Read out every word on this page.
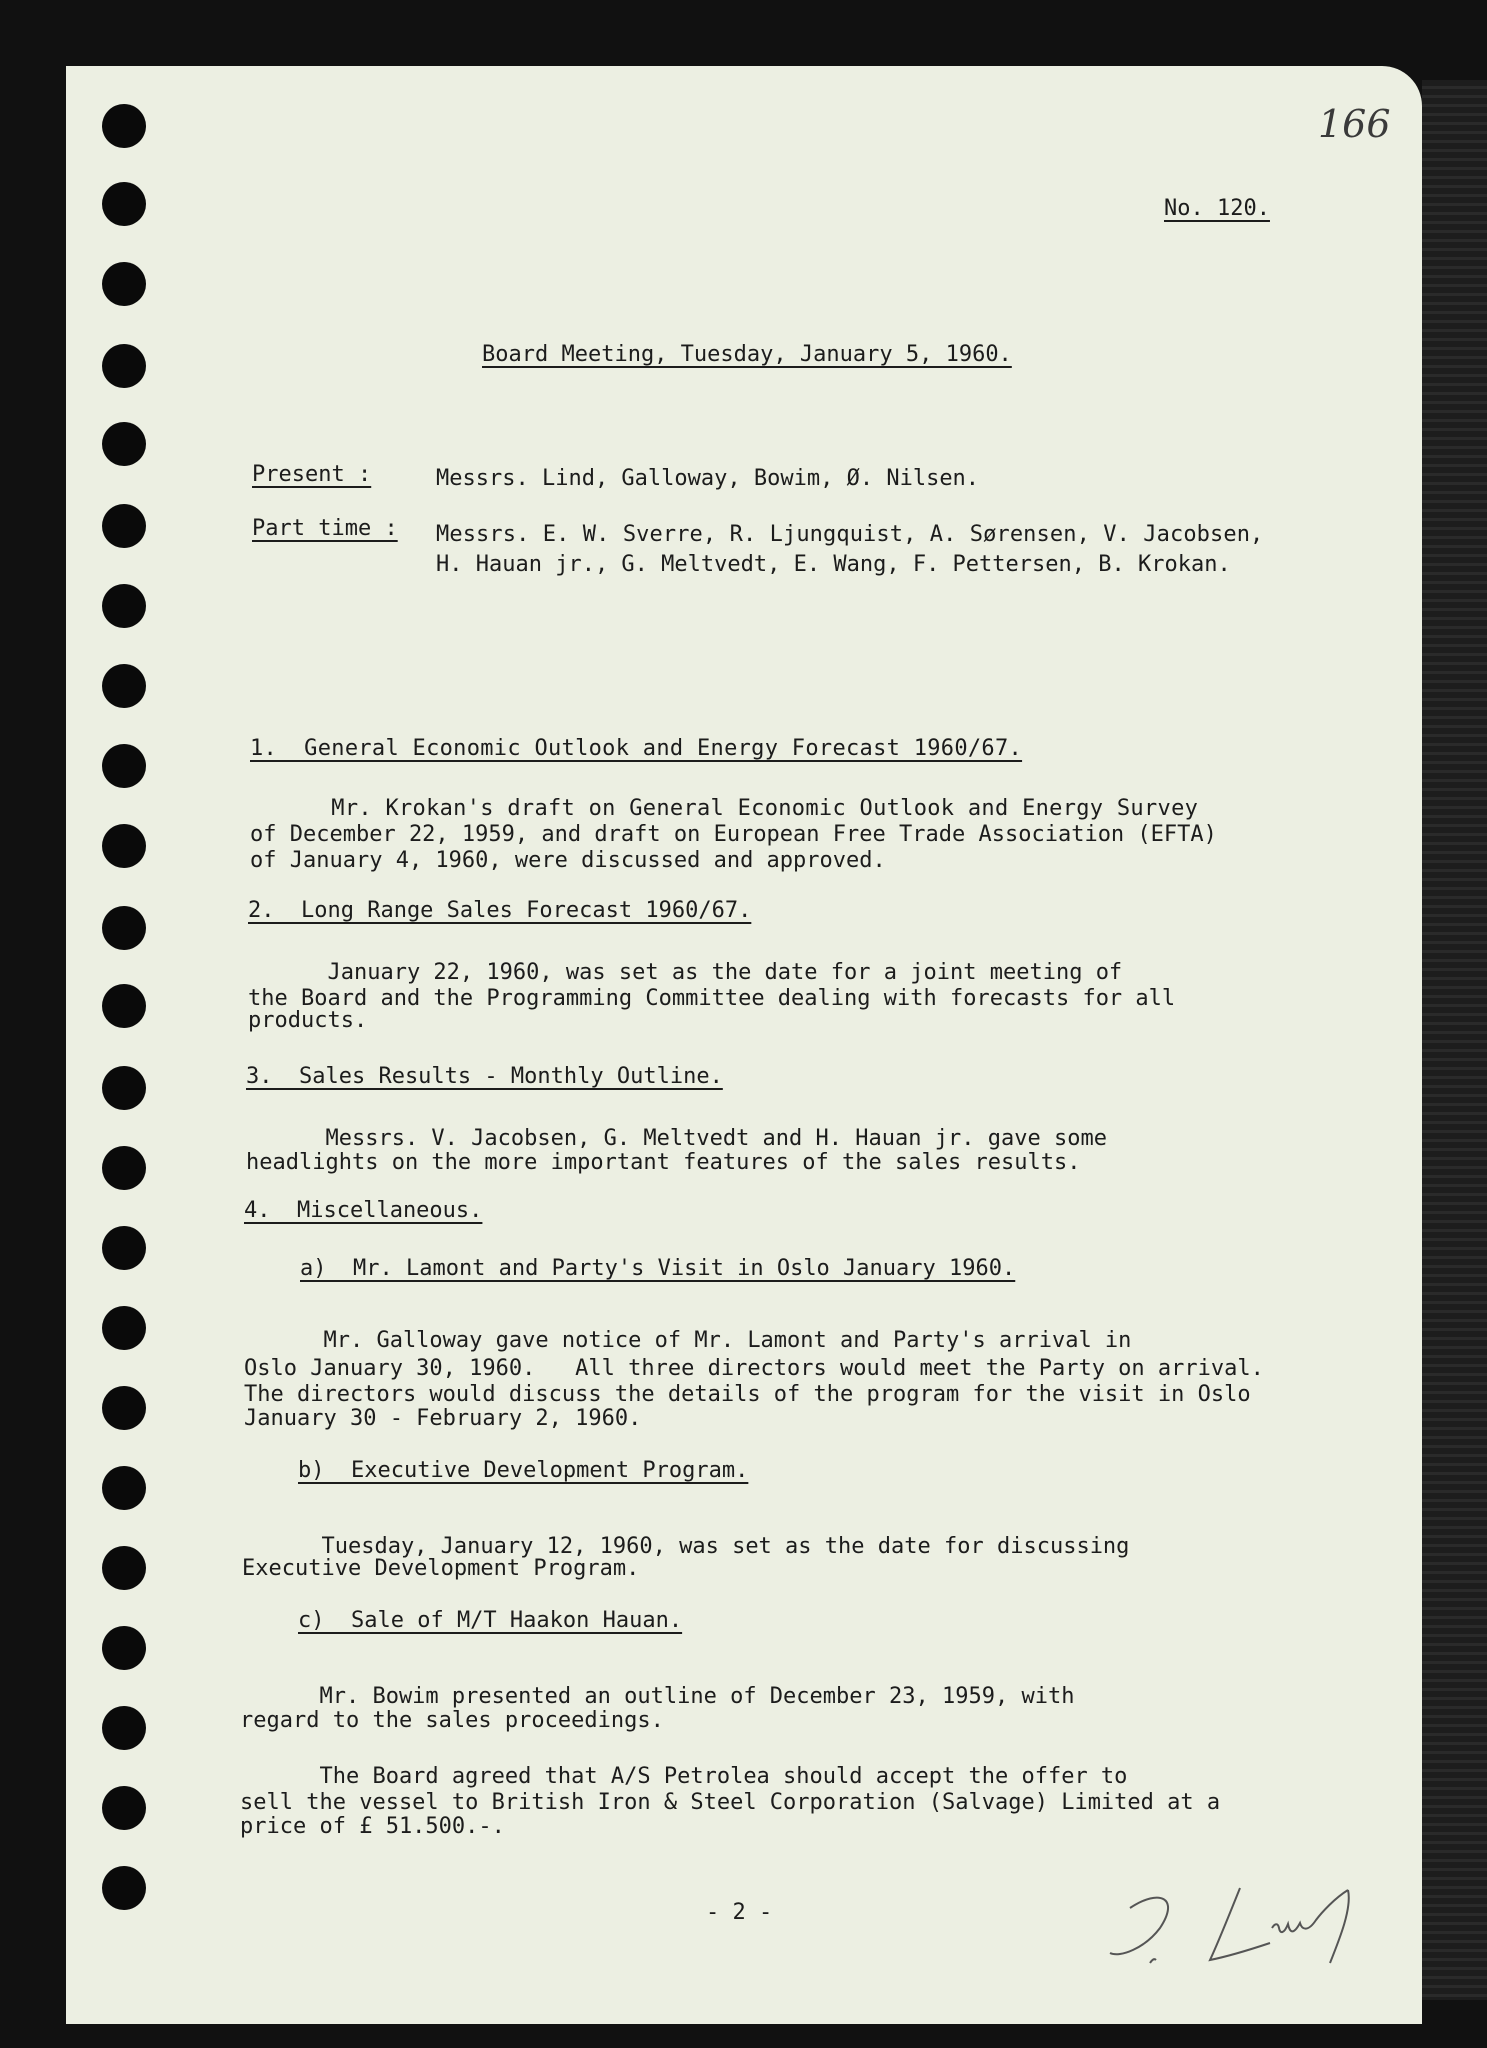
166
No. 120.
Board Meeting, Tuesday, January 5, 1960.
Present :	Messrs. Lind, Galloway, Bowim, Ø. Nilsen.
Part time : Messrs. E. W. Sverre, R. Ljungquist, A. Sørensen, V. Jacobsen,
H. Hauan jr., G. Meltvedt, E. Wang, F. Pettersen, B. Krokan.
1.  General Economic Outlook and Energy Forecast 1960/67.
Mr. Krokan's draft on General Economic Outlook and Energy Survey
of December 22, 1959, and draft on European Free Trade Association (EFTA)
of January 4, 1960, were discussed and approved.
2.  Long Range Sales Forecast 1960/67.
January 22, 1960, was set as the date for a joint meeting of
the Board and the Programming Committee dealing with forecasts for all
products.
3.  Sales Results - Monthly Outline.
Messrs. V. Jacobsen, G. Meltvedt and H. Hauan jr. gave some
headlights on the more important features of the sales results.
4.  Miscellaneous.
a)  Mr. Lamont and Party's Visit in Oslo January 1960.
Mr. Galloway gave notice of Mr. Lamont and Party's arrival in
Oslo January 30, 1960.   All three directors would meet the Party on arrival.
The directors would discuss the details of the program for the visit in Oslo
January 30 - February 2, 1960.
b)  Executive Development Program.
Tuesday, January 12, 1960, was set as the date for discussing
Executive Development Program.
c)  Sale of M/T Haakon Hauan.
Mr. Bowim presented an outline of December 23, 1959, with
regard to the sales proceedings.
The Board agreed that A/S Petrolea should accept the offer to
sell the vessel to British Iron & Steel Corporation (Salvage) Limited at a
price of £ 51.500.-.
- 2 -
